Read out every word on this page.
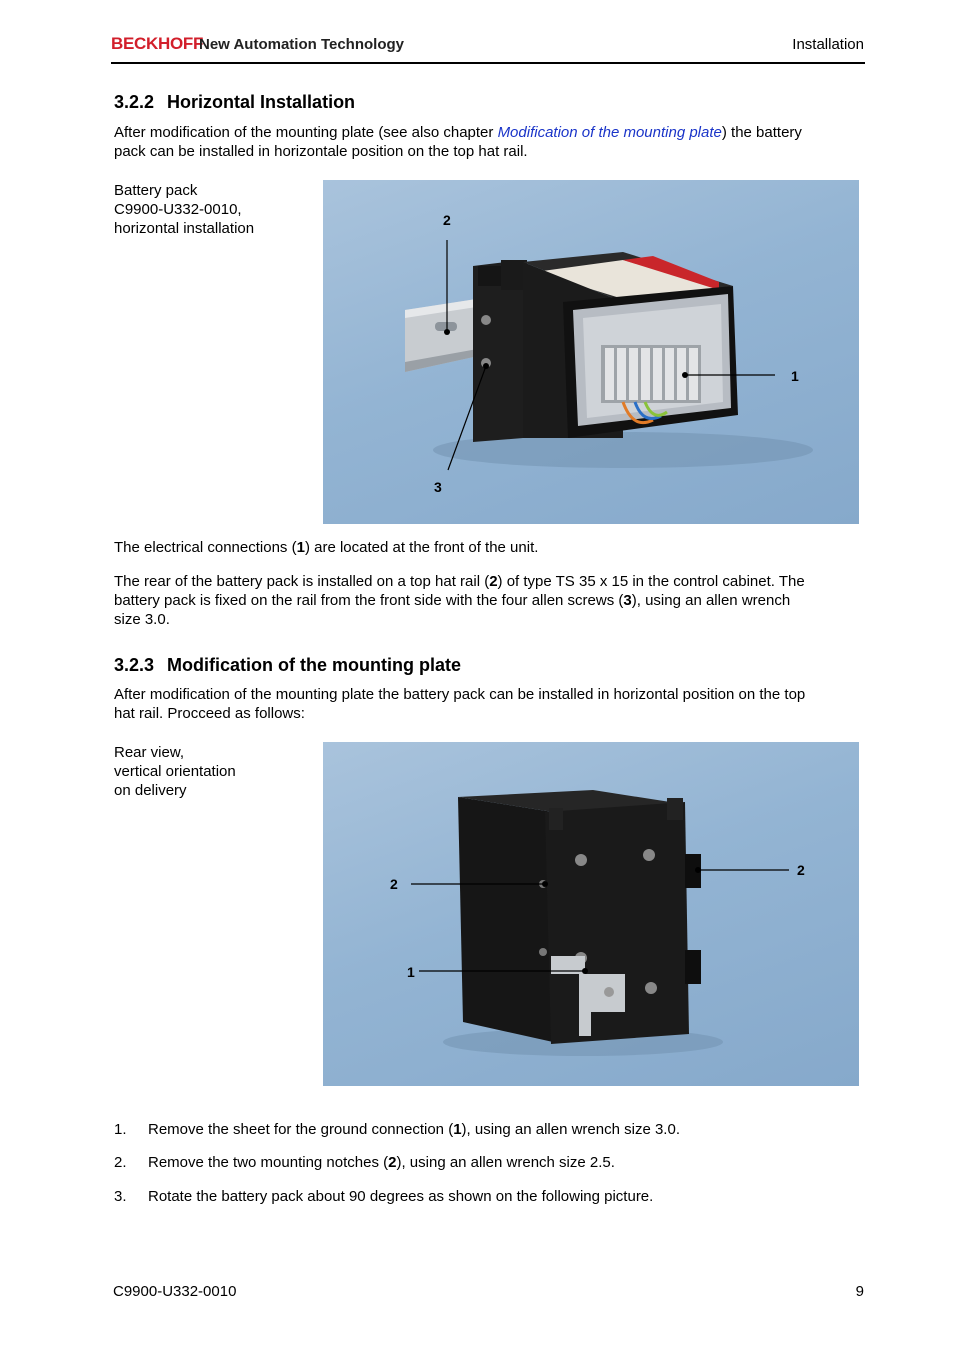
BECKHOFF
New Automation Technology	Installation
3.2.2 Horizontal Installation
After modification of the mounting plate (see also chapter Modification of the mounting plate) the battery
pack can be installed in horizontale position on the top hat rail.
Battery pack
C9900-U332-0010,
horizontal installation	2
1
3
The electrical connections (1) are located at the front of the unit.
The rear of the battery pack is installed on a top hat rail (2) of type TS 35 x 15 in the control cabinet. The
battery pack is fixed on the rail from the front side with the four allen screws (3), using an allen wrench
size 3.0.
3.2.3 Modification of the mounting plate
After modification of the mounting plate the battery pack can be installed in horizontal position on the top
hat rail. Procceed as follows:
Rear view,
vertical orientation
on delivery
2
2
1
1. Remove the sheet for the ground connection (1), using an allen wrench size 3.0.
2. Remove the two mounting notches (2), using an allen wrench size 2.5.
3. Rotate the battery pack about 90 degrees as shown on the following picture.
C9900-U332-0010	9
